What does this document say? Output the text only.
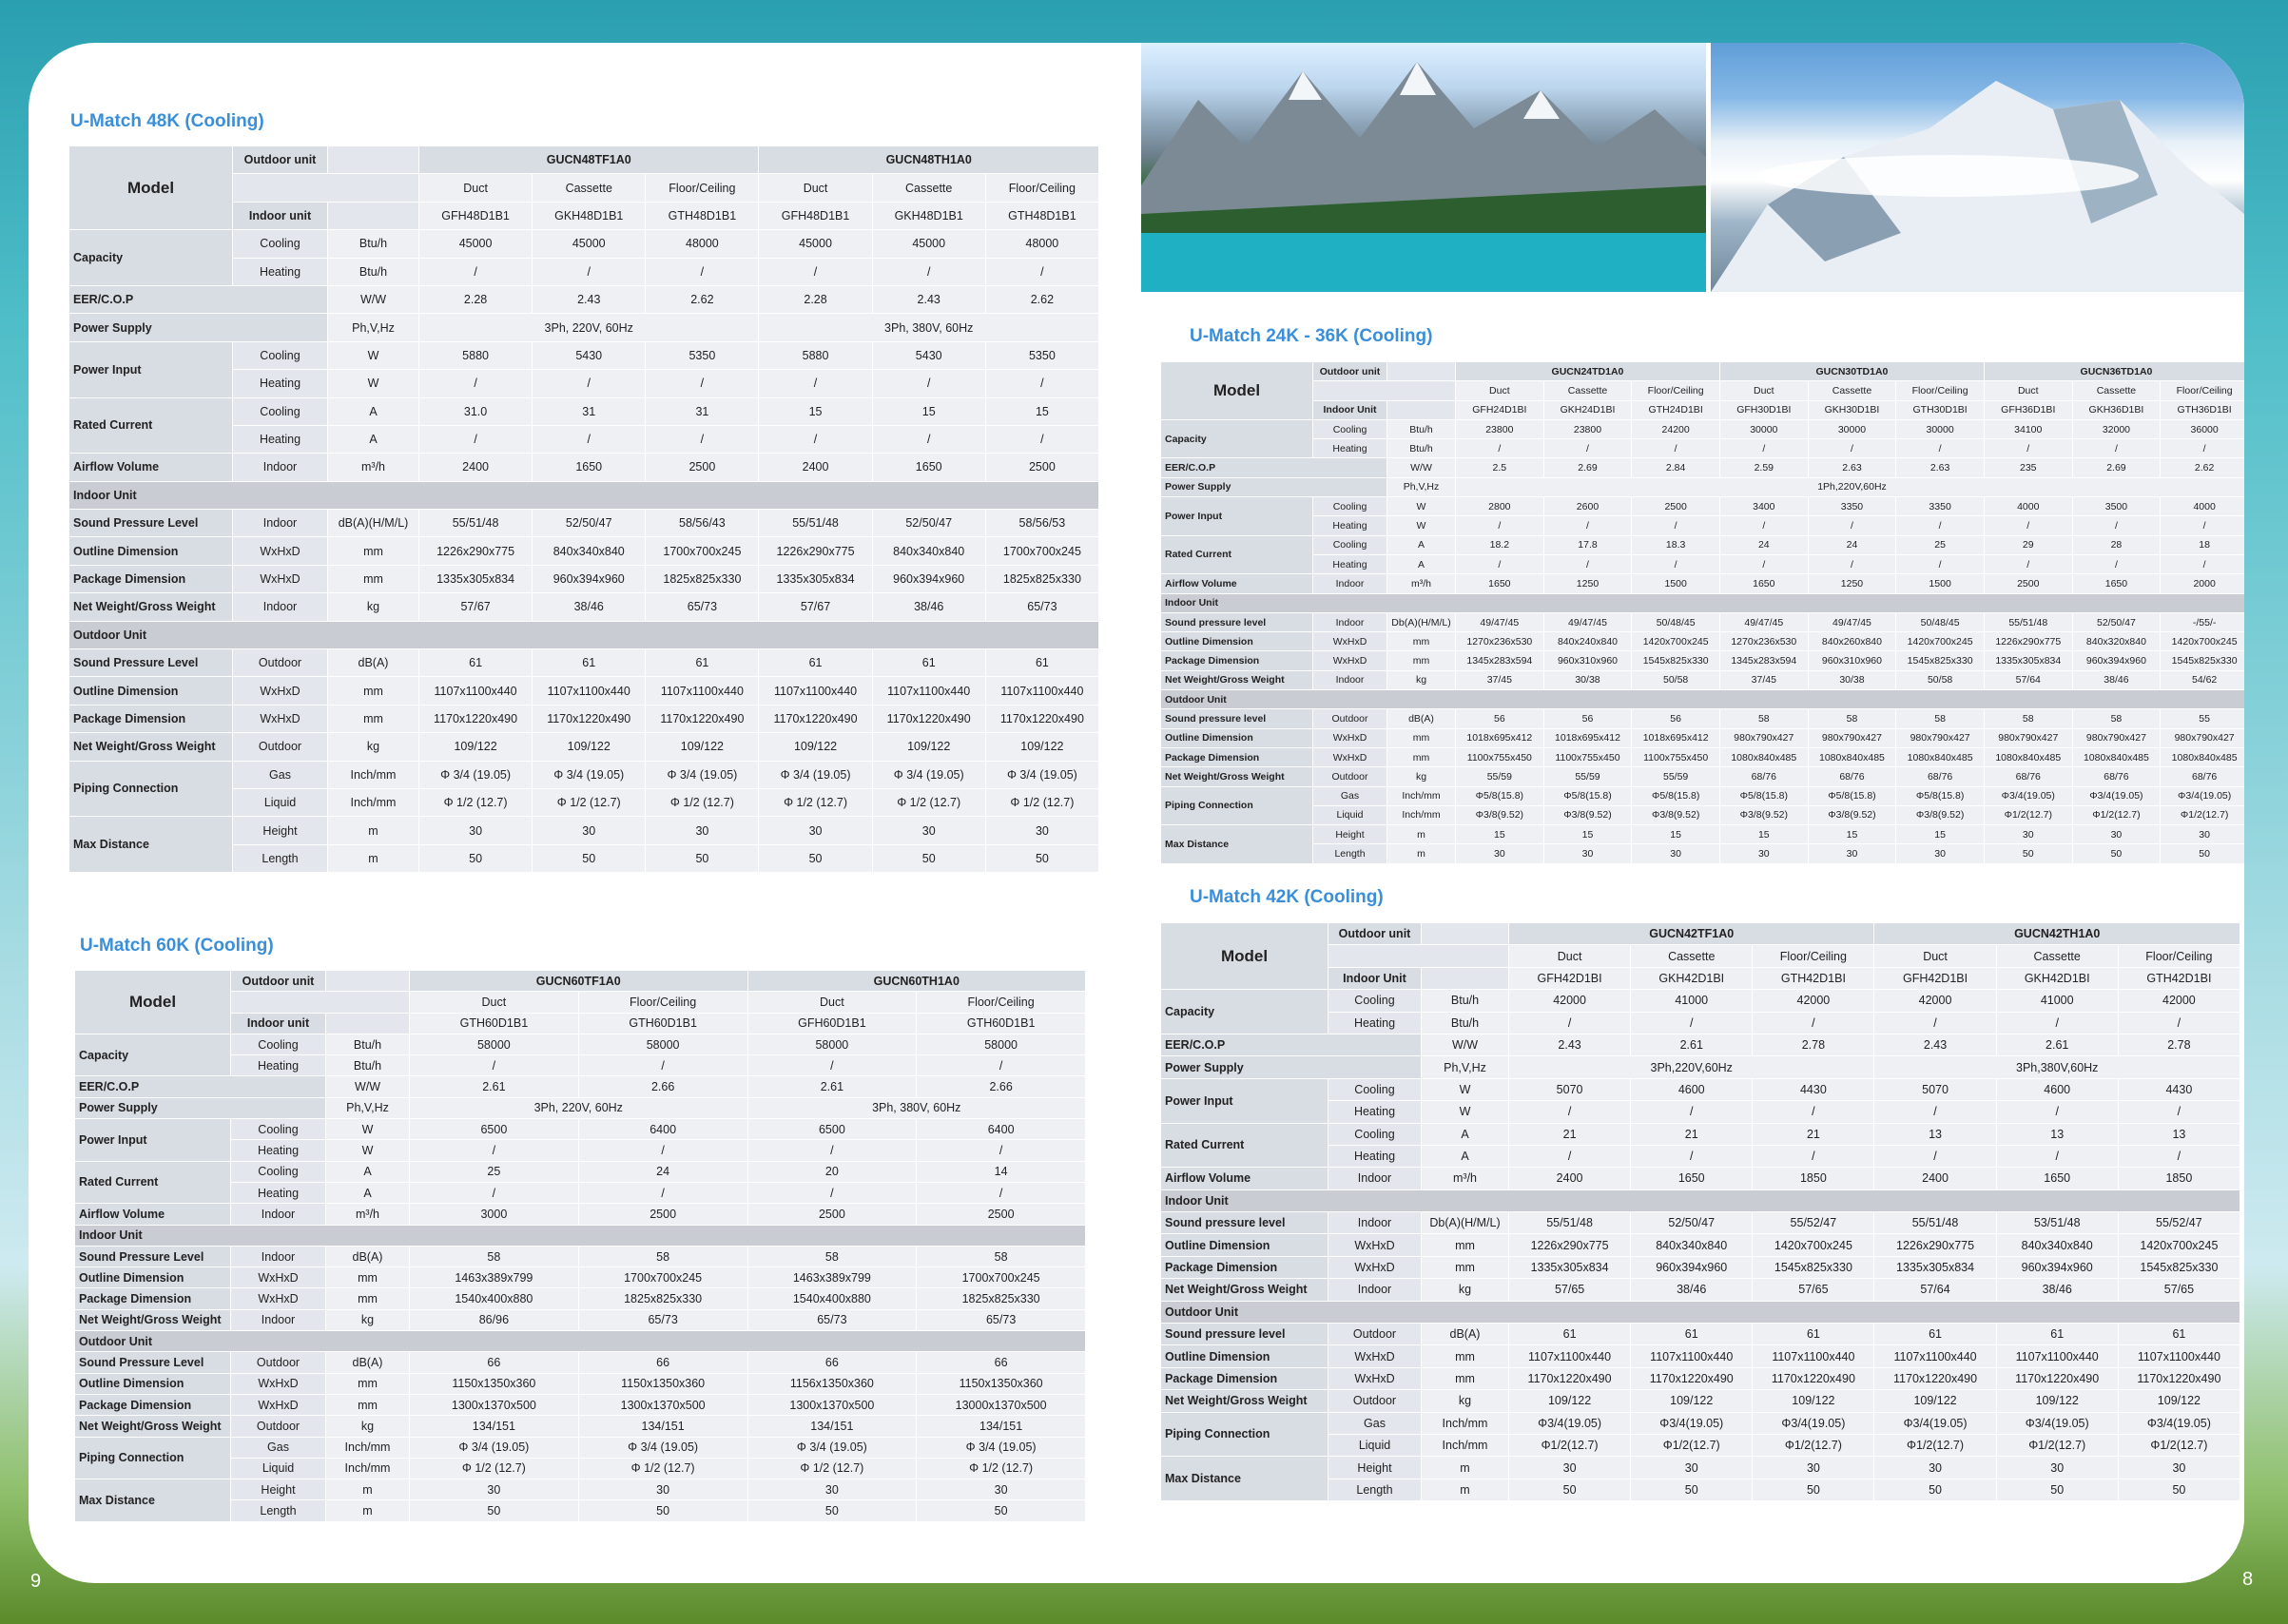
U-Match 48K (Cooling)
Model	Outdoor unit		GUCN48TF1A0			GUCN48TH1A0		
			Duct	Cassette	Floor/Ceiling	Duct	Cassette	Floor/Ceiling
	Indoor unit		GFH48D1B1	GKH48D1B1	GTH48D1B1	GFH48D1B1	GKH48D1B1	GTH48D1B1
Capacity	Cooling	Btu/h	45000	45000	48000	45000	45000	48000
	Heating	Btu/h	/	/	/	/	/	/
EER/C.O.P		W/W	2.28	2.43	2.62	2.28	2.43	2.62
Power Supply		Ph,V,Hz	3Ph, 220V, 60Hz			3Ph, 380V, 60Hz		
Power Input	Cooling	W	5880	5430	5350	5880	5430	5350
	Heating	W	/	/	/	/	/	/
Rated Current	Cooling	A	31.0	31	31	15	15	15
	Heating	A	/	/	/	/	/	/
Airflow Volume	Indoor	m³/h	2400	1650	2500	2400	1650	2500
Indoor Unit								
Sound Pressure Level	Indoor	dB(A)(H/M/L)	55/51/48	52/50/47	58/56/43	55/51/48	52/50/47	58/56/53
Outline Dimension	WxHxD	mm	1226x290x775	840x340x840	1700x700x245	1226x290x775	840x340x840	1700x700x245
Package Dimension	WxHxD	mm	1335x305x834	960x394x960	1825x825x330	1335x305x834	960x394x960	1825x825x330
Net Weight/Gross Weight	Indoor	kg	57/67	38/46	65/73	57/67	38/46	65/73
Outdoor Unit								
Sound Pressure Level	Outdoor	dB(A)	61	61	61	61	61	61
Outline Dimension	WxHxD	mm	1107x1100x440	1107x1100x440	1107x1100x440	1107x1100x440	1107x1100x440	1107x1100x440
Package Dimension	WxHxD	mm	1170x1220x490	1170x1220x490	1170x1220x490	1170x1220x490	1170x1220x490	1170x1220x490
Net Weight/Gross Weight	Outdoor	kg	109/122	109/122	109/122	109/122	109/122	109/122
Piping Connection	Gas	Inch/mm	Φ 3/4 (19.05)	Φ 3/4 (19.05)	Φ 3/4 (19.05)	Φ 3/4 (19.05)	Φ 3/4 (19.05)	Φ 3/4 (19.05)
	Liquid	Inch/mm	Φ 1/2 (12.7)	Φ 1/2 (12.7)	Φ 1/2 (12.7)	Φ 1/2 (12.7)	Φ 1/2 (12.7)	Φ 1/2 (12.7)
Max Distance	Height	m	30	30	30	30	30	30
	Length	m	50	50	50	50	50	50
U-Match 60K (Cooling)
Model	Outdoor unit		GUCN60TF1A0		GUCN60TH1A0	
			Duct	Floor/Ceiling	Duct	Floor/Ceiling
	Indoor unit		GTH60D1B1	GTH60D1B1	GFH60D1B1	GTH60D1B1
Capacity	Cooling	Btu/h	58000	58000	58000	58000
	Heating	Btu/h	/	/	/	/
EER/C.O.P		W/W	2.61	2.66	2.61	2.66
Power Supply		Ph,V,Hz	3Ph, 220V, 60Hz		3Ph, 380V, 60Hz	
Power Input	Cooling	W	6500	6400	6500	6400
	Heating	W	/	/	/	/
Rated Current	Cooling	A	25	24	20	14
	Heating	A	/	/	/	/
Airflow Volume	Indoor	m³/h	3000	2500	2500	2500
Indoor Unit						
Sound Pressure Level	Indoor	dB(A)	58	58	58	58
Outline Dimension	WxHxD	mm	1463x389x799	1700x700x245	1463x389x799	1700x700x245
Package Dimension	WxHxD	mm	1540x400x880	1825x825x330	1540x400x880	1825x825x330
Net Weight/Gross Weight	Indoor	kg	86/96	65/73	65/73	65/73
Outdoor Unit						
Sound Pressure Level	Outdoor	dB(A)	66	66	66	66
Outline Dimension	WxHxD	mm	1150x1350x360	1150x1350x360	1156x1350x360	1150x1350x360
Package Dimension	WxHxD	mm	1300x1370x500	1300x1370x500	1300x1370x500	13000x1370x500
Net Weight/Gross Weight	Outdoor	kg	134/151	134/151	134/151	134/151
Piping Connection	Gas	Inch/mm	Φ 3/4 (19.05)	Φ 3/4 (19.05)	Φ 3/4 (19.05)	Φ 3/4 (19.05)
	Liquid	Inch/mm	Φ 1/2 (12.7)	Φ 1/2 (12.7)	Φ 1/2 (12.7)	Φ 1/2 (12.7)
Max Distance	Height	m	30	30	30	30
	Length	m	50	50	50	50
U-Match 24K - 36K (Cooling)
Model	Outdoor unit		GUCN24TD1A0			GUCN30TD1A0			GUCN36TD1A0		
			Duct	Cassette	Floor/Ceiling	Duct	Cassette	Floor/Ceiling	Duct	Cassette	Floor/Ceiling
	Indoor Unit		GFH24D1BI	GKH24D1BI	GTH24D1BI	GFH30D1BI	GKH30D1BI	GTH30D1BI	GFH36D1BI	GKH36D1BI	GTH36D1BI
Capacity	Cooling	Btu/h	23800	23800	24200	30000	30000	30000	34100	32000	36000
	Heating	Btu/h	/	/	/	/	/	/	/	/	/
EER/C.O.P		W/W	2.5	2.69	2.84	2.59	2.63	2.63	235	2.69	2.62
Power Supply		Ph,V,Hz	1Ph,220V,60Hz								
Power Input	Cooling	W	2800	2600	2500	3400	3350	3350	4000	3500	4000
	Heating	W	/	/	/	/	/	/	/	/	/
Rated Current	Cooling	A	18.2	17.8	18.3	24	24	25	29	28	18
	Heating	A	/	/	/	/	/	/	/	/	/
Airflow Volume	Indoor	m³/h	1650	1250	1500	1650	1250	1500	2500	1650	2000
Indoor Unit											
Sound pressure level	Indoor	Db(A)(H/M/L)	49/47/45	49/47/45	50/48/45	49/47/45	49/47/45	50/48/45	55/51/48	52/50/47	-/55/-
Outline Dimension	WxHxD	mm	1270x236x530	840x240x840	1420x700x245	1270x236x530	840x260x840	1420x700x245	1226x290x775	840x320x840	1420x700x245
Package Dimension	WxHxD	mm	1345x283x594	960x310x960	1545x825x330	1345x283x594	960x310x960	1545x825x330	1335x305x834	960x394x960	1545x825x330
Net Weight/Gross Weight	Indoor	kg	37/45	30/38	50/58	37/45	30/38	50/58	57/64	38/46	54/62
Outdoor Unit											
Sound pressure level	Outdoor	dB(A)	56	56	56	58	58	58	58	58	55
Outline Dimension	WxHxD	mm	1018x695x412	1018x695x412	1018x695x412	980x790x427	980x790x427	980x790x427	980x790x427	980x790x427	980x790x427
Package Dimension	WxHxD	mm	1100x755x450	1100x755x450	1100x755x450	1080x840x485	1080x840x485	1080x840x485	1080x840x485	1080x840x485	1080x840x485
Net Weight/Gross Weight	Outdoor	kg	55/59	55/59	55/59	68/76	68/76	68/76	68/76	68/76	68/76
Piping Connection	Gas	Inch/mm	Φ5/8(15.8)	Φ5/8(15.8)	Φ5/8(15.8)	Φ5/8(15.8)	Φ5/8(15.8)	Φ5/8(15.8)	Φ3/4(19.05)	Φ3/4(19.05)	Φ3/4(19.05)
	Liquid	Inch/mm	Φ3/8(9.52)	Φ3/8(9.52)	Φ3/8(9.52)	Φ3/8(9.52)	Φ3/8(9.52)	Φ3/8(9.52)	Φ1/2(12.7)	Φ1/2(12.7)	Φ1/2(12.7)
Max Distance	Height	m	15	15	15	15	15	15	30	30	30
	Length	m	30	30	30	30	30	30	50	50	50
U-Match 42K (Cooling)
Model	Outdoor unit		GUCN42TF1A0			GUCN42TH1A0		
			Duct	Cassette	Floor/Ceiling	Duct	Cassette	Floor/Ceiling
	Indoor Unit		GFH42D1BI	GKH42D1BI	GTH42D1BI	GFH42D1BI	GKH42D1BI	GTH42D1BI
Capacity	Cooling	Btu/h	42000	41000	42000	42000	41000	42000
	Heating	Btu/h	/	/	/	/	/	/
EER/C.O.P		W/W	2.43	2.61	2.78	2.43	2.61	2.78
Power Supply		Ph,V,Hz	3Ph,220V,60Hz			3Ph,380V,60Hz		
Power Input	Cooling	W	5070	4600	4430	5070	4600	4430
	Heating	W	/	/	/	/	/	/
Rated Current	Cooling	A	21	21	21	13	13	13
	Heating	A	/	/	/	/	/	/
Airflow Volume	Indoor	m³/h	2400	1650	1850	2400	1650	1850
Indoor Unit								
Sound pressure level	Indoor	Db(A)(H/M/L)	55/51/48	52/50/47	55/52/47	55/51/48	53/51/48	55/52/47
Outline Dimension	WxHxD	mm	1226x290x775	840x340x840	1420x700x245	1226x290x775	840x340x840	1420x700x245
Package Dimension	WxHxD	mm	1335x305x834	960x394x960	1545x825x330	1335x305x834	960x394x960	1545x825x330
Net Weight/Gross Weight	Indoor	kg	57/65	38/46	57/65	57/64	38/46	57/65
Outdoor Unit								
Sound pressure level	Outdoor	dB(A)	61	61	61	61	61	61
Outline Dimension	WxHxD	mm	1107x1100x440	1107x1100x440	1107x1100x440	1107x1100x440	1107x1100x440	1107x1100x440
Package Dimension	WxHxD	mm	1170x1220x490	1170x1220x490	1170x1220x490	1170x1220x490	1170x1220x490	1170x1220x490
Net Weight/Gross Weight	Outdoor	kg	109/122	109/122	109/122	109/122	109/122	109/122
Piping Connection	Gas	Inch/mm	Φ3/4(19.05)	Φ3/4(19.05)	Φ3/4(19.05)	Φ3/4(19.05)	Φ3/4(19.05)	Φ3/4(19.05)
	Liquid	Inch/mm	Φ1/2(12.7)	Φ1/2(12.7)	Φ1/2(12.7)	Φ1/2(12.7)	Φ1/2(12.7)	Φ1/2(12.7)
Max Distance	Height	m	30	30	30	30	30	30
	Length	m	50	50	50	50	50	50
9	8
